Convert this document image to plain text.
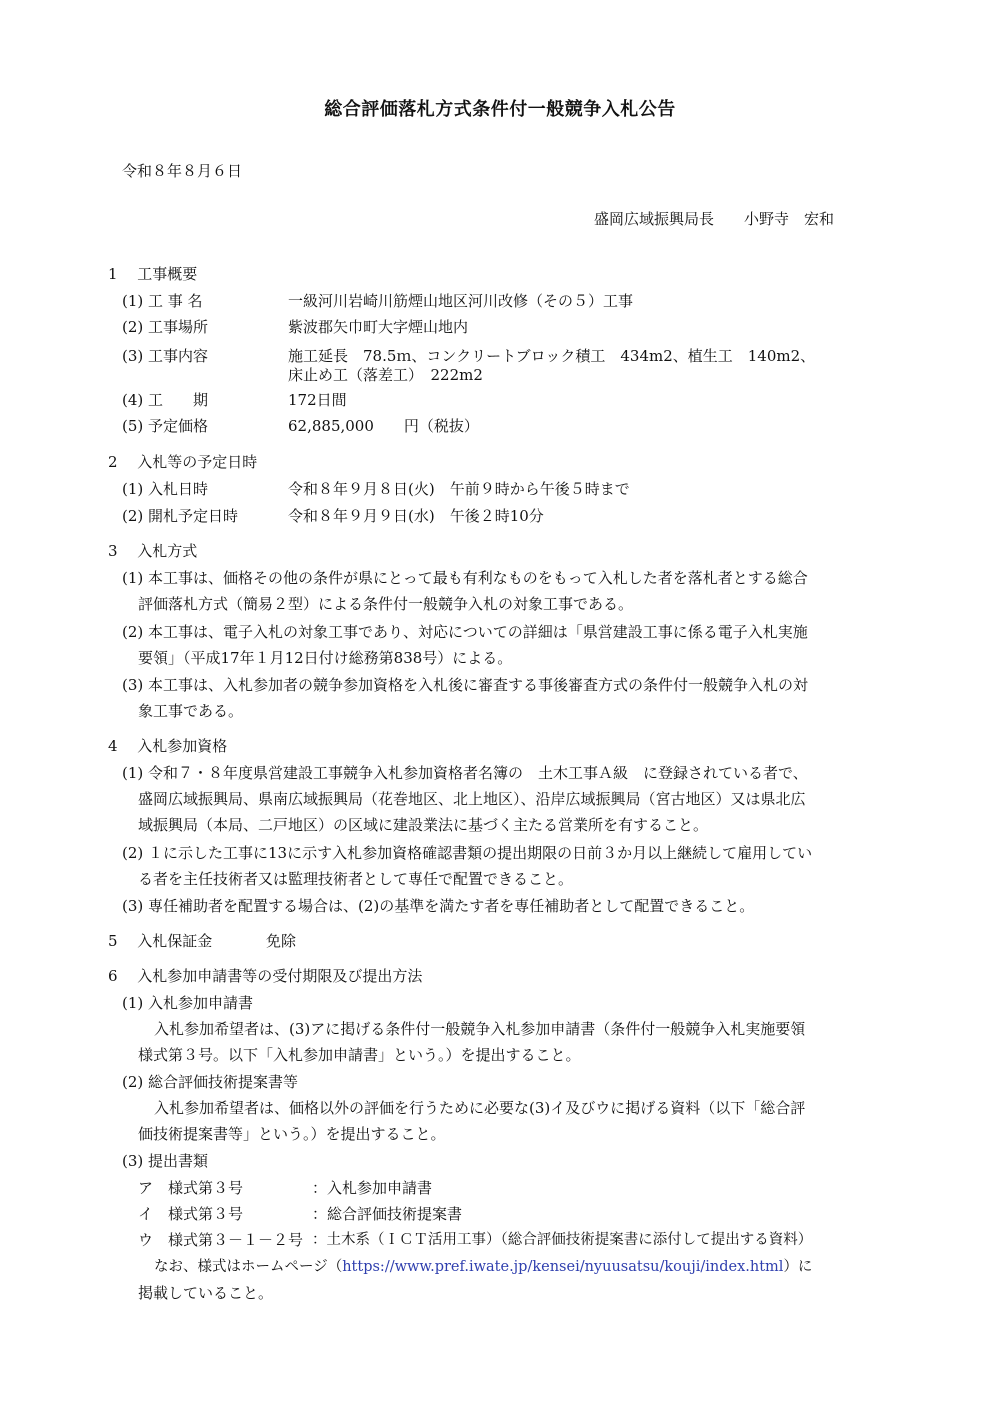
総合評価落札方式条件付一般競争入札公告
令和８年８月６日
盛岡広域振興局長　　小野寺　宏和
1　 工事概要
(1) 工 事 名	一級河川岩崎川筋煙山地区河川改修（その５）工事
(2) 工事場所	紫波郡矢巾町大字煙山地内
(3) 工事内容	施工延長　78.5ｍ、コンクリートブロック積工　434m2、植生工　140m2、
床止め工（落差工）　222m2
(4) 工　　期	172日間
(5) 予定価格	62,885,000　　円（税抜）
2　 入札等の予定日時
(1) 入札日時	令和８年９月８日(火)　午前９時から午後５時まで
(2) 開札予定日時	令和８年９月９日(水)　午後２時10分
3　 入札方式
(1) 本工事は、価格その他の条件が県にとって最も有利なものをもって入札した者を落札者とする総合
評価落札方式（簡易２型）による条件付一般競争入札の対象工事である。
(2) 本工事は、電子入札の対象工事であり、対応についての詳細は「県営建設工事に係る電子入札実施
要領」（平成17年１月12日付け総務第838号）による。
(3) 本工事は、入札参加者の競争参加資格を入札後に審査する事後審査方式の条件付一般競争入札の対
象工事である。
4　 入札参加資格
(1) 令和７・８年度県営建設工事競争入札参加資格者名簿の　土木工事Ａ級　に登録されている者で、
盛岡広域振興局、県南広域振興局（花巻地区、北上地区）、沿岸広域振興局（宮古地区）又は県北広
域振興局（本局、二戸地区）の区域に建設業法に基づく主たる営業所を有すること。
(2) １に示した工事に13に示す入札参加資格確認書類の提出期限の日前３か月以上継続して雇用してい
る者を主任技術者又は監理技術者として専任で配置できること。
(3) 専任補助者を配置する場合は、(2)の基準を満たす者を専任補助者として配置できること。
5　 入札保証金	免除
6　 入札参加申請書等の受付期限及び提出方法
(1) 入札参加申請書
入札参加希望者は、(3)アに掲げる条件付一般競争入札参加申請書（条件付一般競争入札実施要領
様式第３号。以下「入札参加申請書」という。）を提出すること。
(2) 総合評価技術提案書等
入札参加希望者は、価格以外の評価を行うために必要な(3)イ及びウに掲げる資料（以下「総合評
価技術提案書等」という。）を提出すること。
(3) 提出書類
ア　様式第３号	：入札参加申請書
イ　様式第３号	：総合評価技術提案書
ウ　様式第３－１－２号 ：土木系（ＩＣＴ活用工事）（総合評価技術提案書に添付して提出する資料）
なお、様式はホームページ（https://www.pref.iwate.jp/kensei/nyuusatsu/kouji/index.html）に
掲載していること。
